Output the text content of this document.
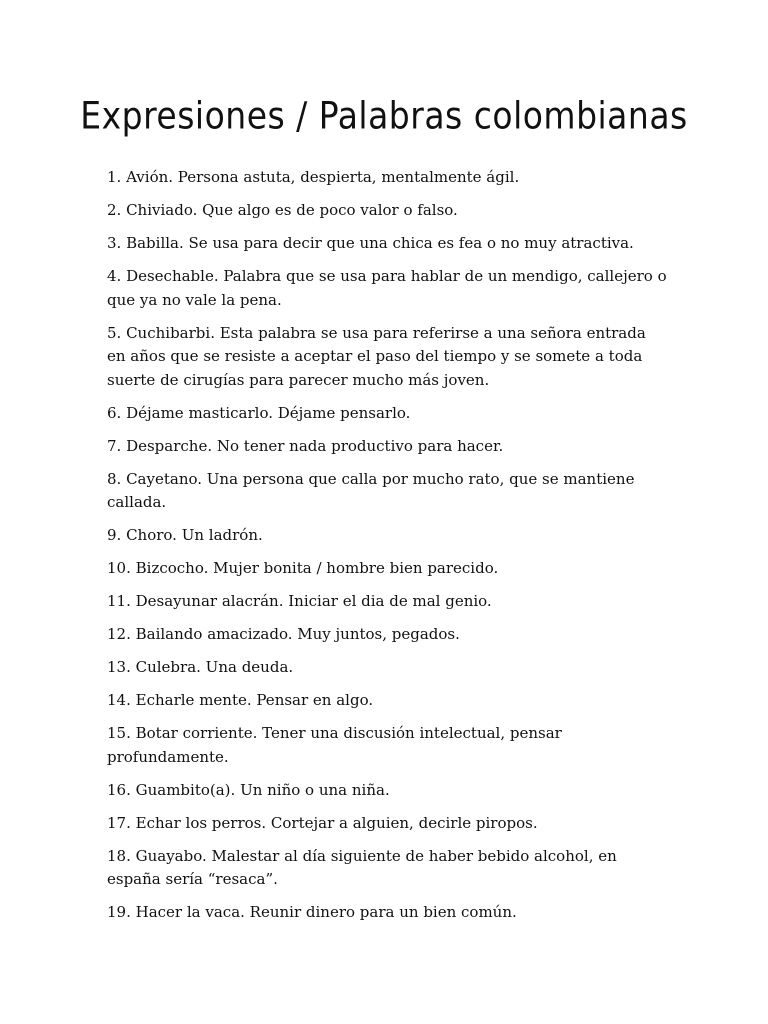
Expresiones / Palabras colombianas
1. Avión. Persona astuta, despierta, mentalmente ágil.
2. Chiviado. Que algo es de poco valor o falso.
3. Babilla. Se usa para decir que una chica es fea o no muy atractiva.
4. Desechable. Palabra que se usa para hablar de un mendigo, callejero o que ya no vale la pena.
5. Cuchibarbi. Esta palabra se usa para referirse a una señora entrada en años que se resiste a aceptar el paso del tiempo y se somete a toda suerte de cirugías para parecer mucho más joven.
6. Déjame masticarlo. Déjame pensarlo.
7. Desparche. No tener nada productivo para hacer.
8. Cayetano. Una persona que calla por mucho rato, que se mantiene callada.
9. Choro. Un ladrón.
10. Bizcocho. Mujer bonita / hombre bien parecido.
11. Desayunar alacrán. Iniciar el dia de mal genio.
12. Bailando amacizado. Muy juntos, pegados.
13. Culebra. Una deuda.
14. Echarle mente. Pensar en algo.
15. Botar corriente. Tener una discusión intelectual, pensar profundamente.
16. Guambito(a). Un niño o una niña.
17. Echar los perros. Cortejar a alguien, decirle piropos.
18. Guayabo. Malestar al día siguiente de haber bebido alcohol, en españa sería “resaca”.
19. Hacer la vaca. Reunir dinero para un bien común.
